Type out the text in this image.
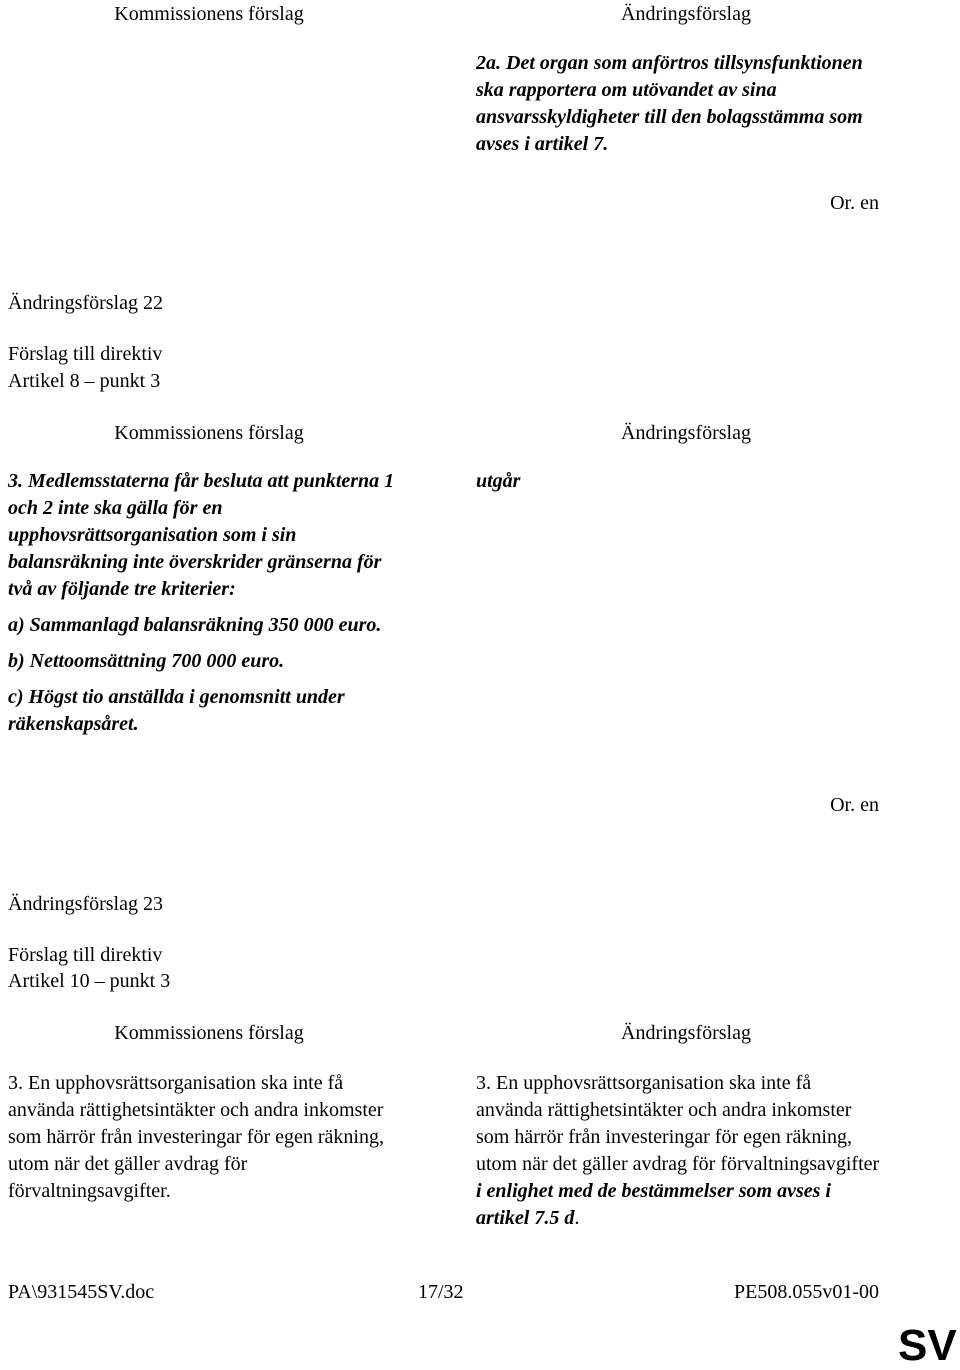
Kommissionens förslag	Ändringsförslag

2a. Det organ som anförtros tillsynsfunktionen ska rapportera om utövandet av sina ansvarsskyldigheter till den bolagsstämma som avses i artikel 7.

Or. en
Ändringsförslag 22
Förslag till direktiv
Artikel 8 – punkt 3
Kommissionens förslag	Ändringsförslag

3. Medlemsstaterna får besluta att punkterna 1 och 2 inte ska gälla för en upphovsrättsorganisation som i sin balansräkning inte överskrider gränserna för två av följande tre kriterier:

a) Sammanlagd balansräkning 350 000 euro.

b) Nettoomsättning 700 000 euro.

c) Högst tio anställda i genomsnitt under räkenskapsåret.

utgår
Or. en
Ändringsförslag 23
Förslag till direktiv
Artikel 10 – punkt 3
Kommissionens förslag	Ändringsförslag

3. En upphovsrättsorganisation ska inte få använda rättighetsintäkter och andra inkomster som härrör från investeringar för egen räkning, utom när det gäller avdrag för förvaltningsavgifter.

3. En upphovsrättsorganisation ska inte få använda rättighetsintäkter och andra inkomster som härrör från investeringar för egen räkning, utom när det gäller avdrag för förvaltningsavgifter i enlighet med de bestämmelser som avses i artikel 7.5 d.

PA\931545SV.doc	17/32	PE508.055v01-00
SV
